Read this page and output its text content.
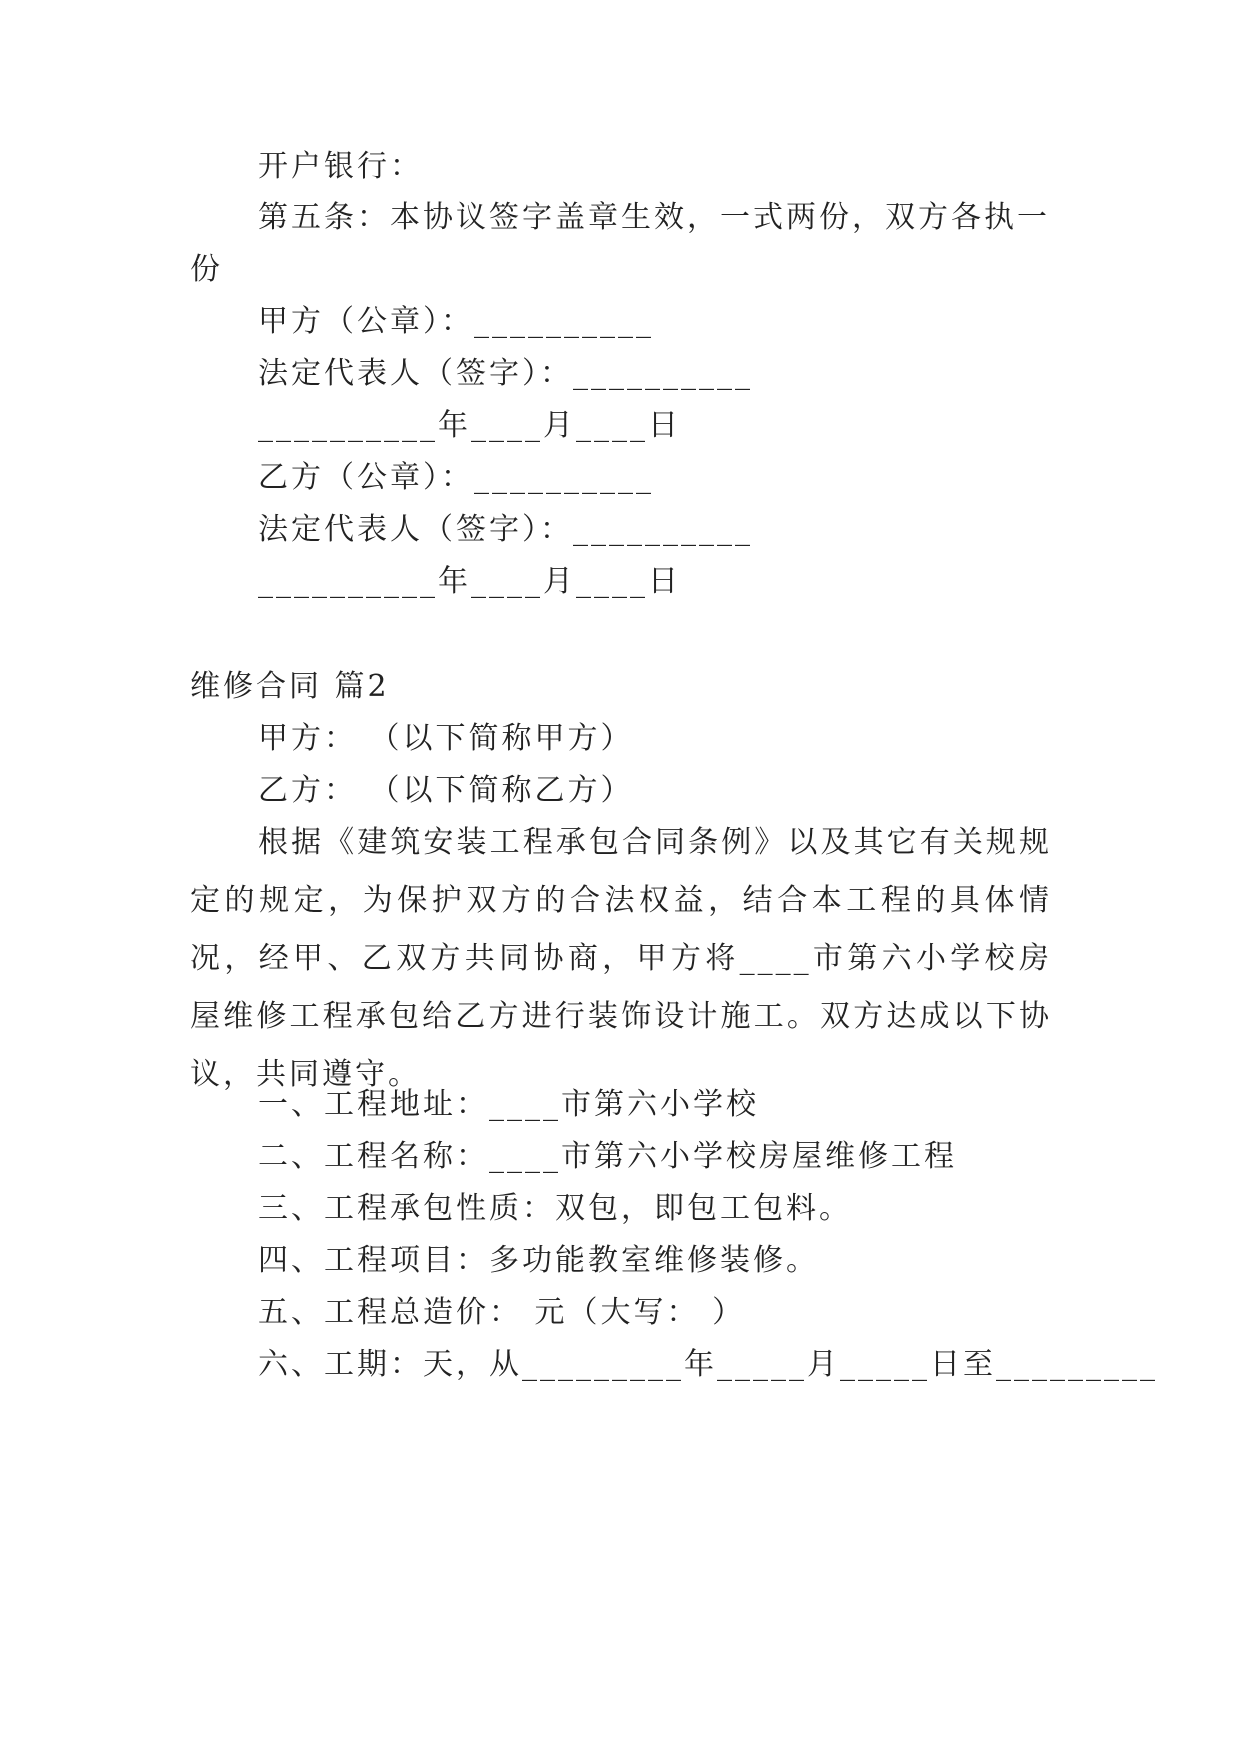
开户银行：
第五条：本协议签字盖章生效，一式两份，双方各执一
份
甲方（公章）：__________
法定代表人（签字）：__________
__________年____月____日
乙方（公章）：__________
法定代表人（签字）：__________
__________年____月____日
维修合同 篇2
甲方： （以下简称甲方）
乙方： （以下简称乙方）
根据《建筑安装工程承包合同条例》以及其它有关规规定的规定，为保护双方的合法权益，结合本工程的具体情况，经甲、乙双方共同协商，甲方将____市第六小学校房屋维修工程承包给乙方进行装饰设计施工。双方达成以下协议，共同遵守。
一、工程地址：____市第六小学校
二、工程名称：____市第六小学校房屋维修工程
三、工程承包性质：双包，即包工包料。
四、工程项目：多功能教室维修装修。
五、工程总造价： 元（大写： ）
六、工期：天，从_________年_____月_____日至_________
